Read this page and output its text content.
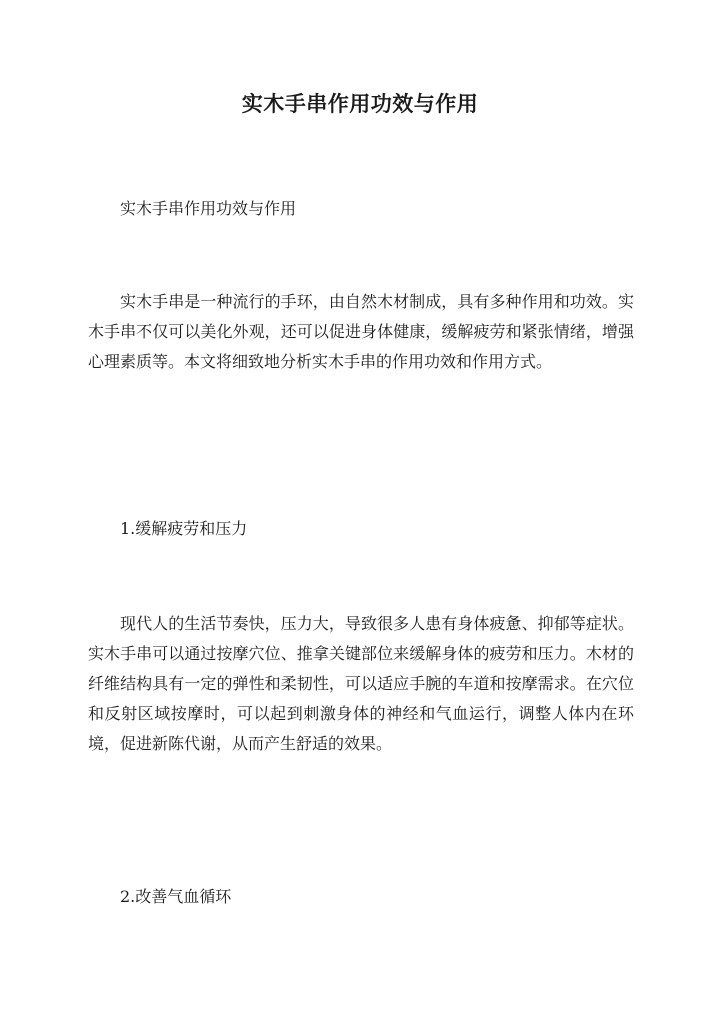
实木手串作用功效与作用

实木手串作用功效与作用

实木手串是一种流行的手环，由自然木材制成，具有多种作用和功效。实木手串不仅可以美化外观，还可以促进身体健康，缓解疲劳和紧张情绪，增强心理素质等。本文将细致地分析实木手串的作用功效和作用方式。

1.缓解疲劳和压力

现代人的生活节奏快，压力大，导致很多人患有身体疲惫、抑郁等症状。实木手串可以通过按摩穴位、推拿关键部位来缓解身体的疲劳和压力。木材的纤维结构具有一定的弹性和柔韧性，可以适应手腕的车道和按摩需求。在穴位和反射区域按摩时，可以起到刺激身体的神经和气血运行，调整人体内在环境，促进新陈代谢，从而产生舒适的效果。

2.改善气血循环
